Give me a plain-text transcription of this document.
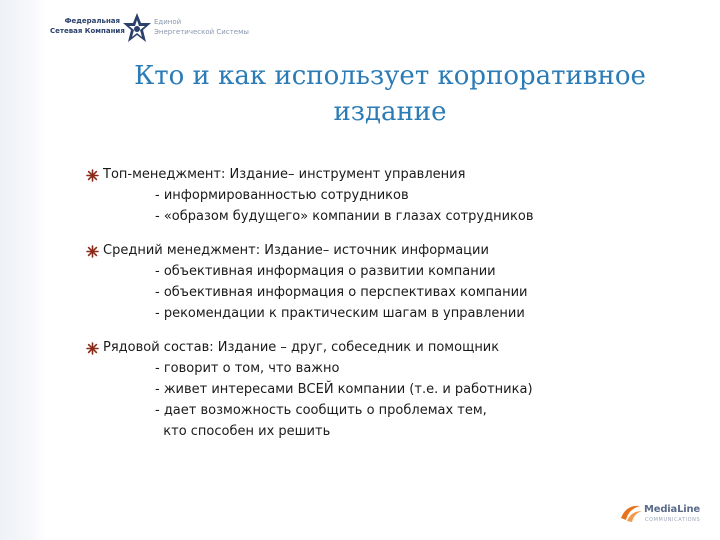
Федеральная
Сетевая Компания
Единой
Энергетической Системы
Кто и как использует корпоративное
издание
Топ-менеджмент: Издание– инструмент управления
- информированностью сотрудников
- «образом будущего» компании в глазах сотрудников
Средний менеджмент: Издание– источник информации
- объективная информация о развитии компании
- объективная информация о перспективах компании
- рекомендации к практическим шагам в управлении
Рядовой состав: Издание – друг, собеседник и помощник
- говорит о том, что важно
- живет интересами ВСЕЙ компании (т.е. и работника)
- дает возможность сообщить о проблемах тем,
кто способен их решить
MediaLine
COMMUNICATIONS
